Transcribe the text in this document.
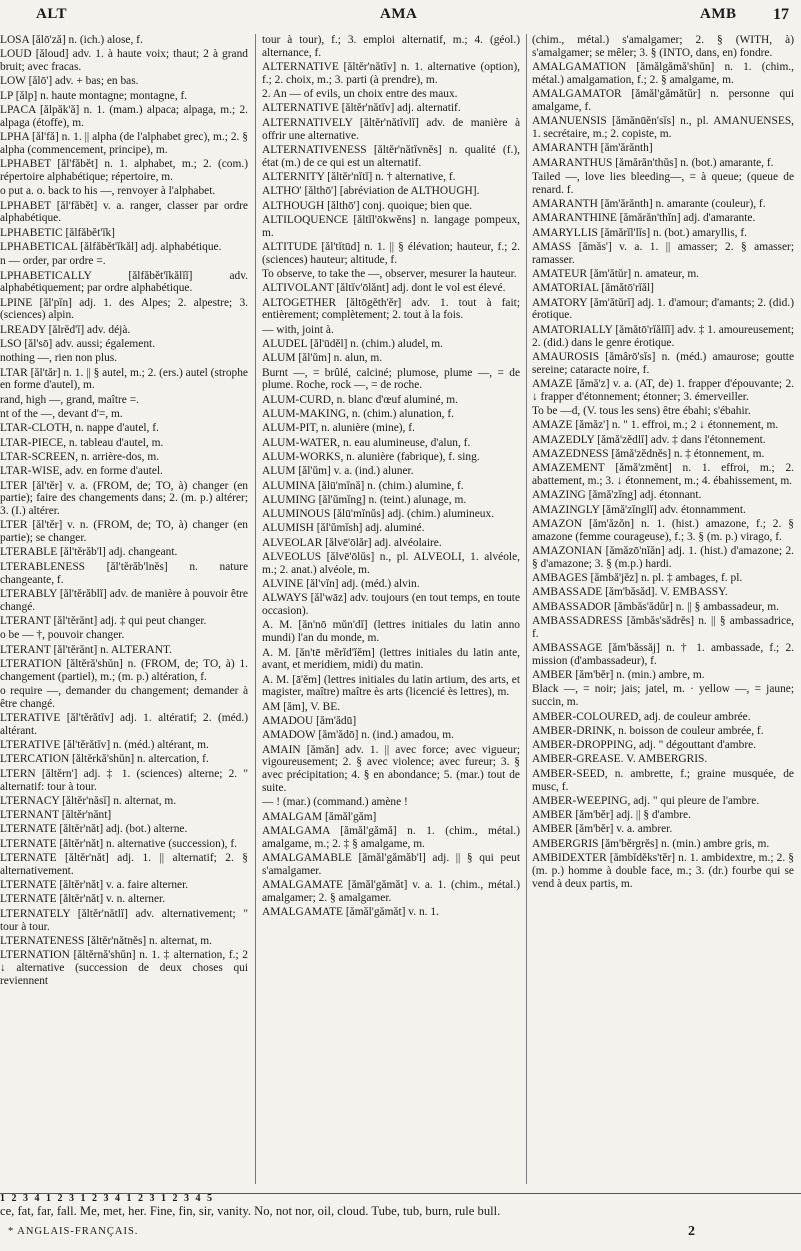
ALT	AMA	AMB 17
LOSA [ălō'ză] n. (ich.) alose, f.
LOUD [ăloud] adv. 1. à haute voix; thaut; 2 à grand bruit; avec fracas.
LOW [ălō'] adv. + bas; en bas.
LP [ălp] n. haute montagne; montagne, f.
LPACA [ălpăk'ă] n. 1. (mam.) alpaca; alpaga, m.; 2. alpaga (étoffe), m.
LPHA [ăl'fă] n. 1. || alpha (de l'alphabet grec), m.; 2. § alpha (commencement, principe), m.
LPHABET [ăl'făbĕt] n. 1. alphabet, m.; 2. (com.) répertoire alphabétique; répertoire, m.
o put a. o. back to his —, renvoyer à l'alphabet.
LPHABET [ăl'făbĕt] v. a. ranger, classer par ordre alphabétique.
LPHABETIC [ălfăbĕt'ĭk]
LPHABETICAL [ălfăbĕt'ĭkăl] adj. alphabétique.
n — order, par ordre =.
LPHABETICALLY [ălfăbĕt'ĭkălĭĭ] adv. alphabétiquement; par ordre alphabétique.
LPINE [ăl'pĭn] adj. 1. des Alpes; 2. alpestre; 3. (sciences) alpin.
LREADY [ălrĕd'ĭ] adv. déjà.
LSO [ăl'sō] adv. aussi; également.
nothing —, rien non plus.
LTAR [ăl'tăr] n. 1. || § autel, m.; 2. (ers.) autel (strophe en forme d'autel), m.
rand, high —, grand, maître =.
nt of the —, devant d'=, m.
LTAR-CLOTH, n. nappe d'autel, f.
LTAR-PIECE, n. tableau d'autel, m.
LTAR-SCREEN, n. arrière-dos, m.
LTAR-WISE, adv. en forme d'autel.
LTER [ăl'tĕr] v. a. (FROM, de; TO, à) changer (en partie); faire des changements dans; 2. (m. p.) altérer; 3. (I.) altérer.
LTER [ăl'tĕr] v. n. (FROM, de; TO, à) changer (en partie); se changer.
LTERABLE [ăl'tĕrăb'l] adj. changeant.
LTERABLENESS [ăl'tĕrăb'lnĕs] n. nature changeante, f.
LTERABLY [ăl'tĕrăblĭ] adv. de manière à pouvoir être changé.
LTERANT [ăl'tĕrănt] adj. ‡ qui peut changer.
o be — †, pouvoir changer.
LTERANT [ăl'tĕrănt] n. ALTERANT.
LTERATION [ăltĕră'shŭn] n. (FROM, de; TO, à) 1. changement (partiel), m.; (m. p.) altération, f.
o require —, demander du changement; demander à être changé.
LTERATIVE [ăl'tĕrătĭv] adj. 1. altératif; 2. (méd.) altérant.
LTERATIVE [ăl'tĕrătĭv] n. (méd.) altérant, m.
LTERCATION [ăltĕrkă'shŭn] n. altercation, f.
LTERN [ăltĕrn'] adj. ‡ 1. (sciences) alterne; 2. " alternatif: tour à tour.
LTERNACY [ăltĕr'năsĭ] n. alternat, m.
LTERNANT [ăltĕr'nănt]
LTERNATE [ăltĕr'năt] adj. (bot.) alterne.
LTERNATE [ăltĕr'năt] n. alternative (succession), f.
LTERNATE [ăltĕr'năt] adj. 1. || alternatif; 2. § alternativement.
LTERNATE [ăltĕr'năt] v. a. faire alterner.
LTERNATE [ăltĕr'năt] v. n. alterner.
LTERNATELY [ăltĕr'nătlĭ] adv. alternativement; " tour à tour.
LTERNATENESS [ăltĕr'nătnĕs] n. alternat, m.
LTERNATION [ăltĕrnă'shŭn] n. 1. ‡ alternation, f.; 2 ↓ alternative (succession de deux choses qui reviennent
tour à tour), f.; 3. emploi alternatif, m.; 4. (géol.) alternance, f.
ALTERNATIVE [ăltĕr'nătĭv] n. 1. alternative (option), f.; 2. choix, m.; 3. parti (à prendre), m.
2. An — of evils, un choix entre des maux.
ALTERNATIVE [ăltĕr'nătĭv] adj. alternatif.
ALTERNATIVELY [ăltĕr'nătĭvlĭ] adv. de manière à offrir une alternative.
ALTERNATIVENESS [ăltĕr'nătĭvnĕs] n. qualité (f.), état (m.) de ce qui est un alternatif.
ALTERNITY [ăltĕr'nĭtĭ] n. † alternative, f.
ALTHO' [ălthō'] [abréviation de ALTHOUGH].
ALTHOUGH [ălthō'] conj. quoique; bien que.
ALTILOQUENCE [ăltĭl'ōkwĕns] n. langage pompeux, m.
ALTITUDE [ăl'tĭtūd] n. 1. || § élévation; hauteur, f.; 2. (sciences) hauteur; altitude, f.
To observe, to take the —, observer, mesurer la hauteur.
ALTIVOLANT [ăltĭv'ōlănt] adj. dont le vol est élevé.
ALTOGETHER [ăltōgĕth'ĕr] adv. 1. tout à fait; entièrement; complètement; 2. tout à la fois.
— with, joint à.
ALUDEL [ăl'ūdĕl] n. (chim.) aludel, m.
ALUM [ăl'ŭm] n. alun, m.
Burnt —, = brûlé, calciné; plumose, plume —, = de plume. Roche, rock —, = de roche.
ALUM-CURD, n. blanc d'œuf aluminé, m.
ALUM-MAKING, n. (chim.) alunation, f.
ALUM-PIT, n. alunière (mine), f.
ALUM-WATER, n. eau alumineuse, d'alun, f.
ALUM-WORKS, n. alunière (fabrique), f. sing.
ALUM [ăl'ŭm] v. a. (ind.) aluner.
ALUMINA [ălū'mĭnă] n. (chim.) alumine, f.
ALUMING [ăl'ŭmĭng] n. (teint.) alunage, m.
ALUMINOUS [ălū'mĭnŭs] adj. (chim.) alumineux.
ALUMISH [ăl'ŭmĭsh] adj. aluminé.
ALVEOLAR [ălvē'ōlăr] adj. alvéolaire.
ALVEOLUS [ălvē'ōlŭs] n., pl. ALVEOLI, 1. alvéole, m.; 2. anat.) alvéole, m.
ALVINE [ăl'vĭn] adj. (méd.) alvin.
ALWAYS [ăl'wāz] adv. toujours (en tout temps, en toute occasion).
A. M. [ăn'nō mŭn'dĭ] (lettres initiales du latin anno mundi) l'an du monde, m.
A. M. [ăn'tē mĕrĭd'ĭĕm] (lettres initiales du latin ante, avant, et meridiem, midi) du matin.
A. M. [ā'ĕm] (lettres initiales du latin artium, des arts, et magister, maître) maître ès arts (licencié ès lettres), m.
AM [ăm], V. BE.
AMADOU [ăm'ădū]
AMADOW [ăm'ădō] n. (ind.) amadou, m.
AMAIN [ămăn] adv. 1. || avec force; avec vigueur; vigoureusement; 2. § avec violence; avec fureur; 3. § avec précipitation; 4. § en abondance; 5. (mar.) tout de suite.
— ! (mar.) (command.) amène !
AMALGAM [ămăl'găm]
AMALGAMA [ămăl'gămă] n. 1. (chim., métal.) amalgame, m.; 2. ‡ § amalgame, m.
AMALGAMABLE [ămăl'gămăb'l] adj. || § qui peut s'amalgamer.
AMALGAMATE [ămăl'gămăt] v. a. 1. (chim., métal.) amalgamer; 2. § amalgamer.
AMALGAMATE [ămăl'gămăt] v. n. 1.
(chim., métal.) s'amalgamer; 2. § (WITH, à) s'amalgamer; se mêler; 3. § (INTO, dans, en) fondre.
AMALGAMATION [ămălgămă'shŭn] n. 1. (chim., métal.) amalgamation, f.; 2. § amalgame, m.
AMALGAMATOR [ămăl'gămătŭr] n. personne qui amalgame, f.
AMANUENSIS [ămănūĕn'sĭs] n., pl. AMANUENSES, 1. secrétaire, m.; 2. copiste, m.
AMARANTH [ăm'ărănth]
AMARANTHUS [ămărăn'thŭs] n. (bot.) amarante, f.
Tailed —, love lies bleeding—, = à queue; (queue de renard. f.
AMARANTH [ăm'ărănth] n. amarante (couleur), f.
AMARANTHINE [ămărăn'thĭn] adj. d'amarante.
AMARYLLIS [ămărĭl'lĭs] n. (bot.) amaryllis, f.
AMASS [ămăs'] v. a. 1. || amasser; 2. § amasser; ramasser.
AMATEUR [ăm'ătŭr] n. amateur, m.
AMATORIAL [ămătō'rĭăl]
AMATORY [ăm'ătŭrĭ] adj. 1. d'amour; d'amants; 2. (did.) érotique.
AMATORIALLY [ămătō'rĭălĭĭ] adv. ‡ 1. amoureusement; 2. (did.) dans le genre érotique.
AMAUROSIS [ămârō'sĭs] n. (méd.) amaurose; goutte sereine; cataracte noire, f.
AMAZE [ămă'z] v. a. (AT, de) 1. frapper d'épouvante; 2. ↓ frapper d'étonnement; étonner; 3. émerveiller.
To be —d, (V. tous les sens) être ébahi; s'ébahir.
AMAZE [ămăz'] n. " 1. effroi, m.; 2 ↓ étonnement, m.
AMAZEDLY [ămă'zĕdlĭ] adv. ‡ dans l'étonnement.
AMAZEDNESS [ămă'zĕdnĕs] n. ‡ étonnement, m.
AMAZEMENT [ămă'zmĕnt] n. 1. effroi, m.; 2. abattement, m.; 3. ↓ étonnement, m.; 4. ébahissement, m.
AMAZING [ămă'zĭng] adj. étonnant.
AMAZINGLY [ămă'zĭnglĭ] adv. étonnamment.
AMAZON [ăm'ăzŏn] n. 1. (hist.) amazone, f.; 2. § amazone (femme courageuse), f.; 3. § (m. p.) virago, f.
AMAZONIAN [ămăzō'nĭăn] adj. 1. (hist.) d'amazone; 2. § d'amazone; 3. § (m.p.) hardi.
AMBAGES [ămbă'jĕz] n. pl. ‡ ambages, f. pl.
AMBASSADE [ăm'băsăd]. V. EMBASSY.
AMBASSADOR [ămbăs'ădŭr] n. || § ambassadeur, m.
AMBASSADRESS [ămbăs'sădrĕs] n. || § ambassadrice, f.
AMBASSAGE [ăm'băssăj] n. † 1. ambassade, f.; 2. mission (d'ambassadeur), f.
AMBER [ăm'bĕr] n. (min.) ambre, m.
Black —, = noir; jais; jatel, m. · yellow —, = jaune; succin, m.
AMBER-COLOURED, adj. de couleur ambrée.
AMBER-DRINK, n. boisson de couleur ambrée, f.
AMBER-DROPPING, adj. " dégouttant d'ambre.
AMBER-GREASE. V. AMBERGRIS.
AMBER-SEED, n. ambrette, f.; graine musquée, de musc, f.
AMBER-WEEPING, adj. " qui pleure de l'ambre.
AMBER [ăm'bĕr] adj. || § d'ambre.
AMBER [ăm'bĕr] v. a. ambrer.
AMBERGRIS [ăm'bĕrgrĕs] n. (min.) ambre gris, m.
AMBIDEXTER [ămbĭdĕks'tĕr] n. 1. ambidextre, m.; 2. § (m. p.) homme à double face, m.; 3. (dr.) fourbe qui se vend à deux partis, m.
1 2 3 4 1 2 3 1 2 3 4 1 2 3 1 2 3 4 5
ce, fat, far, fall. Me, met, her. Fine, fin, sir, vanity. No, not nor, oil, cloud. Tube, tub, burn, rule bull.
* ANGLAIS-FRANÇAIS.	2
